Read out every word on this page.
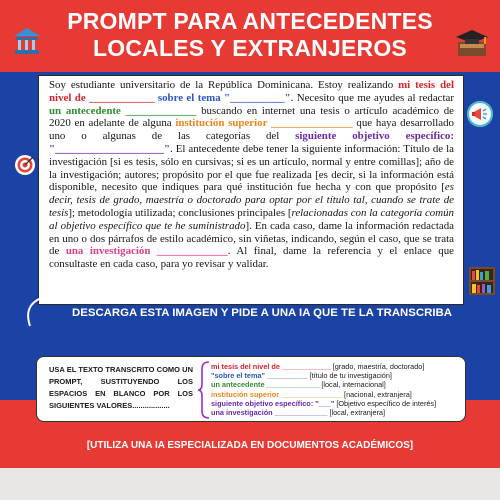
PROMPT PARA ANTECEDENTES
LOCALES Y EXTRANJEROS

Soy estudiante universitario de la República Dominicana. Estoy realizando mi tesis del nivel de ____________ sobre el tema "__________". Necesito que me ayudes al redactar un antecedente _____________ buscando en internet una tesis o artículo académico de 2020 en adelante de alguna institución superior _______________ que haya desarrollado uno o algunas de las categorías del siguiente objetivo específico: "____________________". El antecedente debe tener la siguiente información: Título de la investigación [si es tesis, sólo en cursivas; si es un artículo, normal y entre comillas]; año de la investigación; autores; propósito por el que fue realizada [es decir, si la información está disponible, necesito que indiques para qué institución fue hecha y con que propósito [es decir, tesis de grado, maestría o doctorado para optar por el título tal, cuando se trate de tesis]; metodología utilizada; conclusiones principales [relacionadas con la categoría común al objetivo específico que te he suministrado]. En cada caso, dame la información redactada en uno o dos párrafos de estilo académico, sin viñetas, indicando, según el caso, que se trata de una investigación _____________. Al final, dame la referencia y el enlace que consultaste en cada caso, para yo revisar y validar.

DESCARGA ESTA IMAGEN Y PIDE A UNA IA QUE TE LA TRANSCRIBA

USA EL TEXTO TRANSCRITO COMO UN PROMPT, SUSTITUYENDO LOS ESPACIOS EN BLANCO POR LOS SIGUIENTES VALORES..................

mi tesis del nivel de ____________ [grado, maestría, doctorado]
"sobre el tema" __________ [título de tu investigación]
un antecedente _____________ [local, internacional]
institución superior _______________ [nacional, extranjera]
siguiente objetivo específico: "___" [Objetivo específico de interés]
una investigación _____________ [local, extranjera]
[UTILIZA UNA IA ESPECIALIZADA EN DOCUMENTOS ACADÉMICOS]
